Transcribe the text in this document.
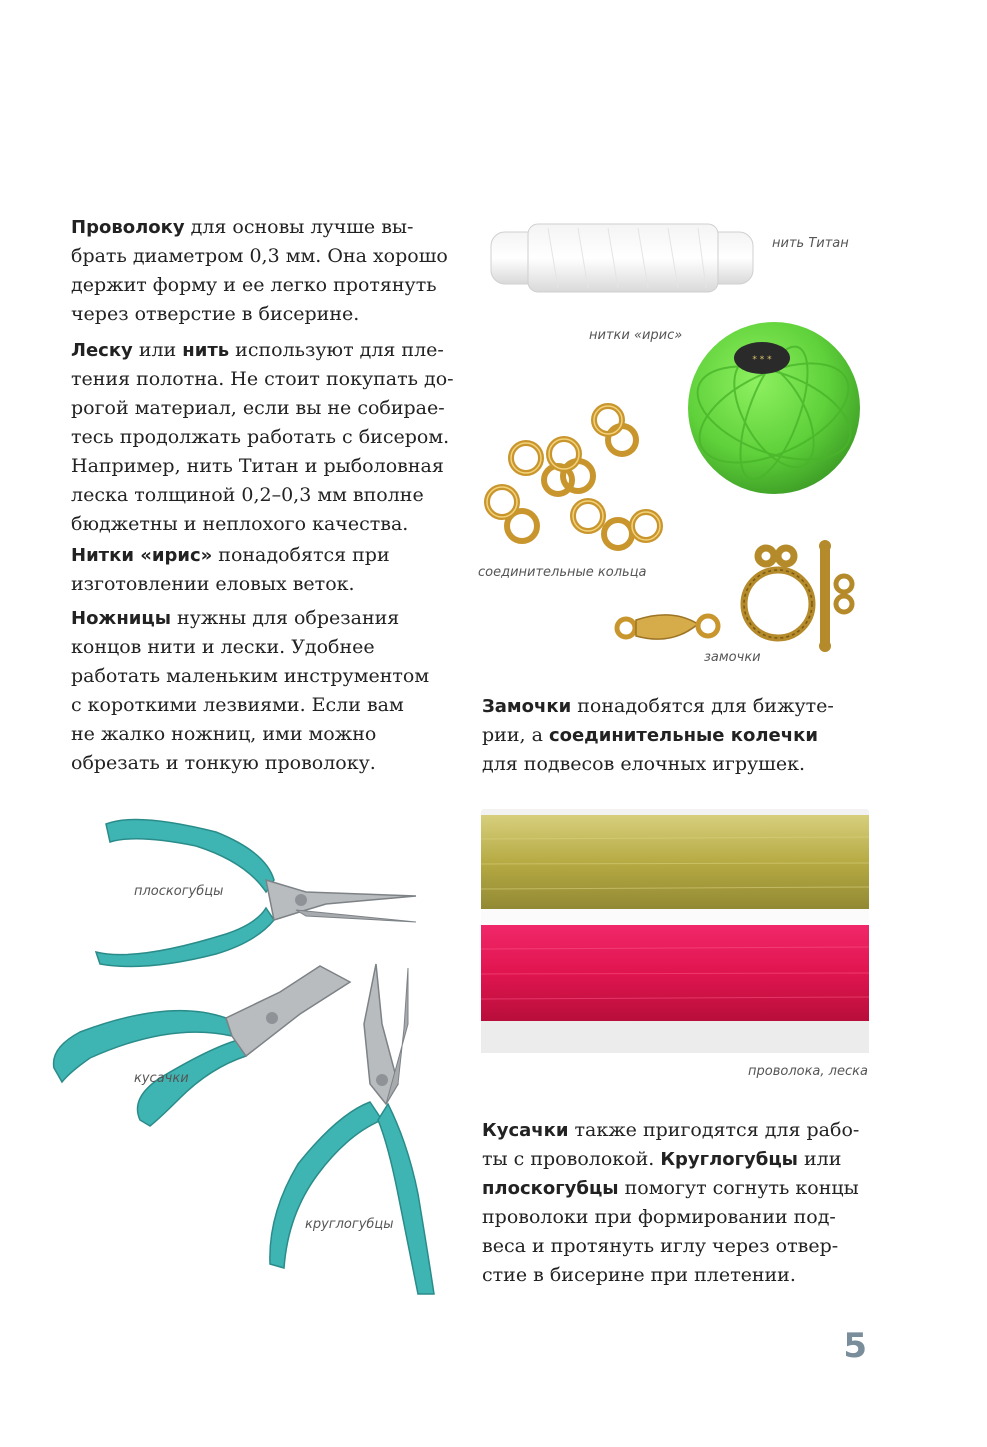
Проволоку для основы лучше вы-
брать диаметром 0,3 мм. Она хорошо
держит форму и ее легко протянуть
через отверстие в бисерине.
Леску или нить используют для пле-
тения полотна. Не стоит покупать до-
рогой материал, если вы не собирае-
тесь продолжать работать с бисером.
Например, нить Титан и рыболовная
леска толщиной 0,2–0,3 мм вполне
бюджетны и неплохого качества.
Нитки «ирис» понадобятся при
изготовлении еловых веток.
Ножницы нужны для обрезания
концов нити и лески. Удобнее
работать маленьким инструментом
с короткими лезвиями. Если вам
не жалко ножниц, ими можно
обрезать и тонкую проволоку.
Замочки понадобятся для бижуте-
рии, а соединительные колечки
для подвесов елочных игрушек.
Кусачки также пригодятся для рабо-
ты с проволокой. Круглогубцы или
плоскогубцы помогут согнуть концы
проволоки при формировании под-
веса и протянуть иглу через отвер-
стие в бисерине при плетении.
нить Титан
нитки «ирис»
* * *
соединительные кольца
замочки
проволока, леска
плоскогубцы
кусачки
круглогубцы
5
